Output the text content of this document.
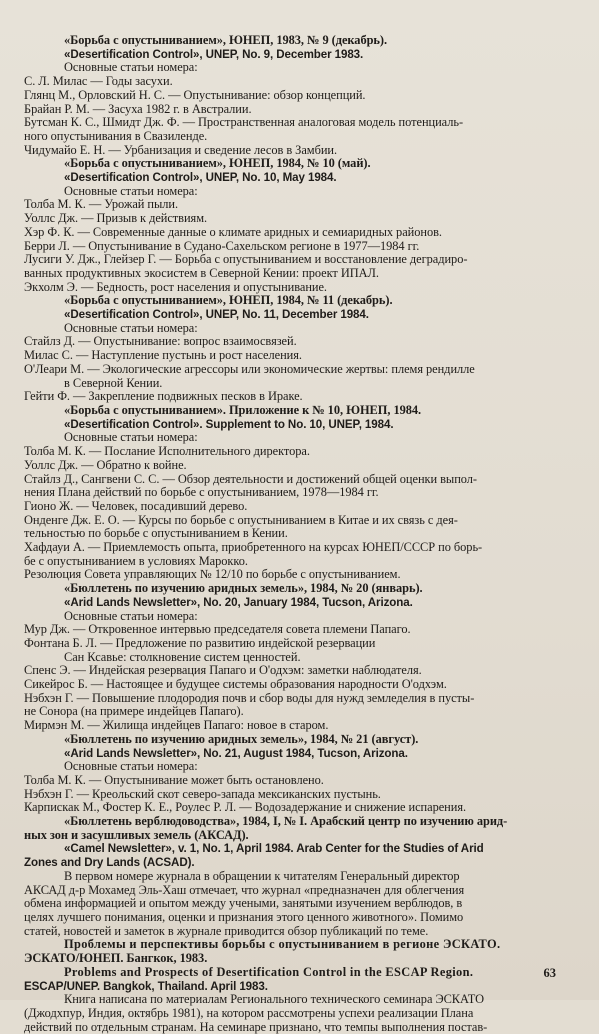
«Борьба с опустыниванием», ЮНЕП, 1983, № 9 (декабрь).
«Desertification Control», UNEP, No. 9, December 1983.
Основные статьи номера:
С. Л. Милас — Годы засухи.
Глянц М., Орловский Н. С. — Опустынивание: обзор концепций.
Брайан Р. М. — Засуха 1982 г. в Австралии.
Бутсман К. С., Шмидт Дж. Ф. — Пространственная аналоговая модель потенциаль-
ного опустынивания в Свазиленде.
Чидумайо Е. Н. — Урбанизация и сведение лесов в Замбии.
«Борьба с опустыниванием», ЮНЕП, 1984, № 10 (май).
«Desertification Control», UNEP, No. 10, May 1984.
Основные статьи номера:
Толба М. К. — Урожай пыли.
Уоллс Дж. — Призыв к действиям.
Хэр Ф. К. — Современные данные о климате аридных и семиаридных районов.
Берри Л. — Опустынивание в Судано-Сахельском регионе в 1977—1984 гг.
Лусиги У. Дж., Глейзер Г. — Борьба с опустыниванием и восстановление деградиро-
ванных продуктивных экосистем в Северной Кении: проект ИПАЛ.
Экхолм Э. — Бедность, рост населения и опустынивание.
«Борьба с опустыниванием», ЮНЕП, 1984, № 11 (декабрь).
«Desertification Control», UNEP, No. 11, December 1984.
Основные статьи номера:
Стайлз Д. — Опустынивание: вопрос взаимосвязей.
Милас С. — Наступление пустынь и рост населения.
О'Леари М. — Экологические агрессоры или экономические жертвы: племя рендилле
в Северной Кении.
Гейти Ф. — Закрепление подвижных песков в Ираке.
«Борьба с опустыниванием». Приложение к № 10, ЮНЕП, 1984.
«Desertification Control». Supplement to No. 10, UNEP, 1984.
Основные статьи номера:
Толба М. К. — Послание Исполнительного директора.
Уоллс Дж. — Обратно к войне.
Стайлз Д., Сангвени С. С. — Обзор деятельности и достижений общей оценки выпол-
нения Плана действий по борьбе с опустыниванием, 1978—1984 гг.
Гионо Ж. — Человек, посадивший дерево.
Онденге Дж. Е. О. — Курсы по борьбе с опустыниванием в Китае и их связь с дея-
тельностью по борьбе с опустыниванием в Кении.
Хафдауи А. — Приемлемость опыта, приобретенного на курсах ЮНЕП/СССР по борь-
бе с опустыниванием в условиях Марокко.
Резолюция Совета управляющих № 12/10 по борьбе с опустыниванием.
«Бюллетень по изучению аридных земель», 1984, № 20 (январь).
«Arid Lands Newsletter», No. 20, January 1984, Tucson, Arizona.
Основные статьи номера:
Мур Дж. — Откровенное интервью председателя совета племени Папаго.
Фонтана Б. Л. — Предложение по развитию индейской резервации
Сан Ксавье: столкновение систем ценностей.
Спенс Э. — Индейская резервация Папаго и О'одхэм: заметки наблюдателя.
Сикейрос Б. — Настоящее и будущее системы образования народности О'одхэм.
Нэбхэн Г. — Повышение плодородия почв и сбор воды для нужд земледелия в пусты-
не Сонора (на примере индейцев Папаго).
Мирмэн М. — Жилища индейцев Папаго: новое в старом.
«Бюллетень по изучению аридных земель», 1984, № 21 (август).
«Arid Lands Newsletter», No. 21, August 1984, Tucson, Arizona.
Основные статьи номера:
Толба М. К. — Опустынивание может быть остановлено.
Нэбхэн Г. — Креольский скот северо-запада мексиканских пустынь.
Карпискак М., Фостер К. Е., Роулес Р. Л. — Водозадержание и снижение испарения.
«Бюллетень верблюдоводства», 1984, I, № I. Арабский центр по изучению арид-
ных зон и засушливых земель (АКСАД).
«Camel Newsletter», v. 1, No. 1, April 1984. Arab Center for the Studies of Arid
Zones and Dry Lands (ACSAD).
В первом номере журнала в обращении к читателям Генеральный директор
АКСАД д-р Мохамед Эль-Хаш отмечает, что журнал «предназначен для облегчения
обмена информацией и опытом между учеными, занятыми изучением верблюдов, в
целях лучшего понимания, оценки и признания этого ценного животного». Помимо
статей, новостей и заметок в журнале приводится обзор публикаций по теме.
Проблемы и перспективы борьбы с опустыниванием в регионе ЭСКАТО.
ЭСКАТО/ЮНЕП. Бангкок, 1983.
Problems and Prospects of Desertification Control in the ESCAP Region.
ESCAP/UNEP. Bangkok, Thailand. April 1983.
Книга написана по материалам Регионального технического семинара ЭСКАТО
(Джодхпур, Индия, октябрь 1981), на котором рассмотрены успехи реализации Плана
действий по отдельным странам. На семинаре признано, что темпы выполнения постав-
63
